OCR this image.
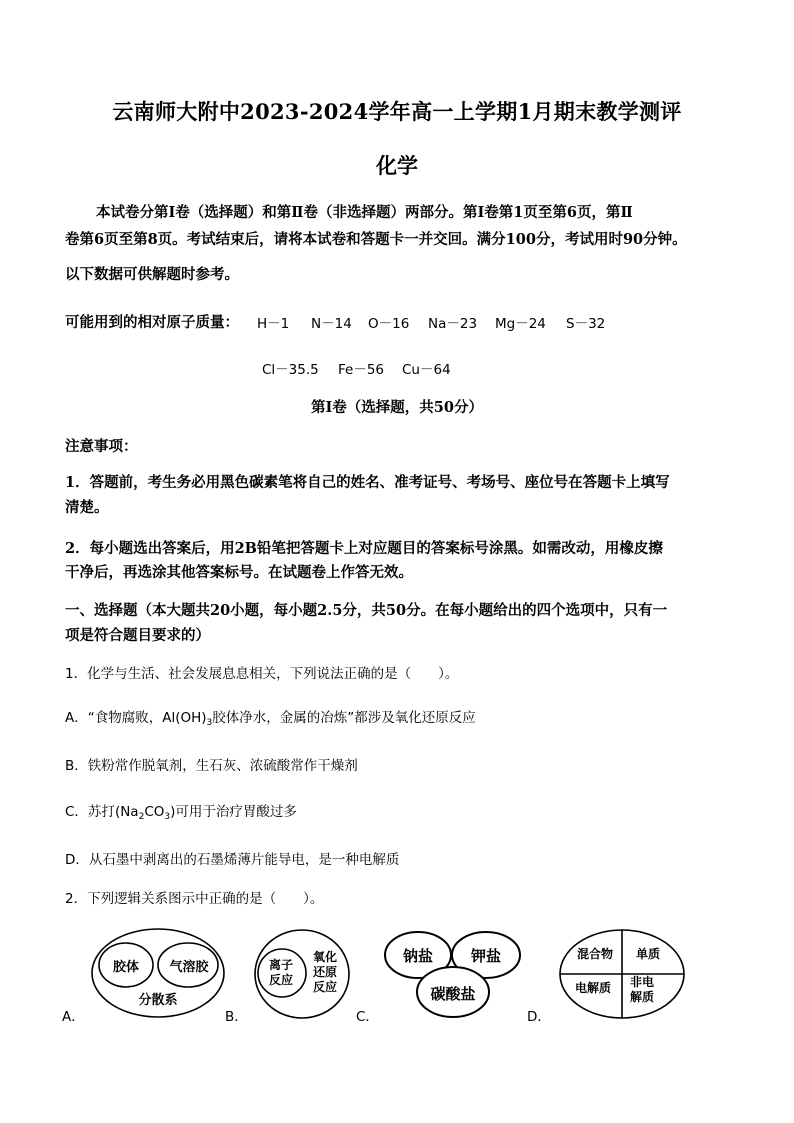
云南师大附中2023-2024学年高一上学期1月期末教学测评
化学
本试卷分第Ⅰ卷（选择题）和第Ⅱ卷（非选择题）两部分。第Ⅰ卷第1页至第6页，第Ⅱ
卷第6页至第8页。考试结束后，请将本试卷和答题卡一并交回。满分100分，考试用时90分钟。
以下数据可供解题时参考。
可能用到的相对原子质量： H－1 N－14 O－16 Na－23 Mg－24 S－32
Cl－35.5 Fe－56 Cu－64
第Ⅰ卷（选择题，共50分）
注意事项：
1．答题前，考生务必用黑色碳素笔将自己的姓名、准考证号、考场号、座位号在答题卡上填写
清楚。
2．每小题选出答案后，用2B铅笔把答题卡上对应题目的答案标号涂黑。如需改动，用橡皮擦
干净后，再选涂其他答案标号。在试题卷上作答无效。
一、选择题（本大题共20小题，每小题2.5分，共50分。在每小题给出的四个选项中，只有一
项是符合题目要求的）
1．化学与生活、社会发展息息相关，下列说法正确的是（　　）。
A．“食物腐败，$Al(OH)_3$胶体净水，金属的冶炼”都涉及氧化还原反应
B．铁粉常作脱氧剂，生石灰、浓硫酸常作干燥剂
C．苏打$(Na_2CO_3)$可用于治疗胃酸过多
D．从石墨中剥离出的石墨烯薄片能导电，是一种电解质
2．下列逻辑关系图示中正确的是（　　）。
A．	B．	C．	D．
胶体 气溶胶
分散系
离子
反应
氧化
还原
反应
钠盐	钾盐
碳酸盐
混合物 单质
电解质 非电
解质
